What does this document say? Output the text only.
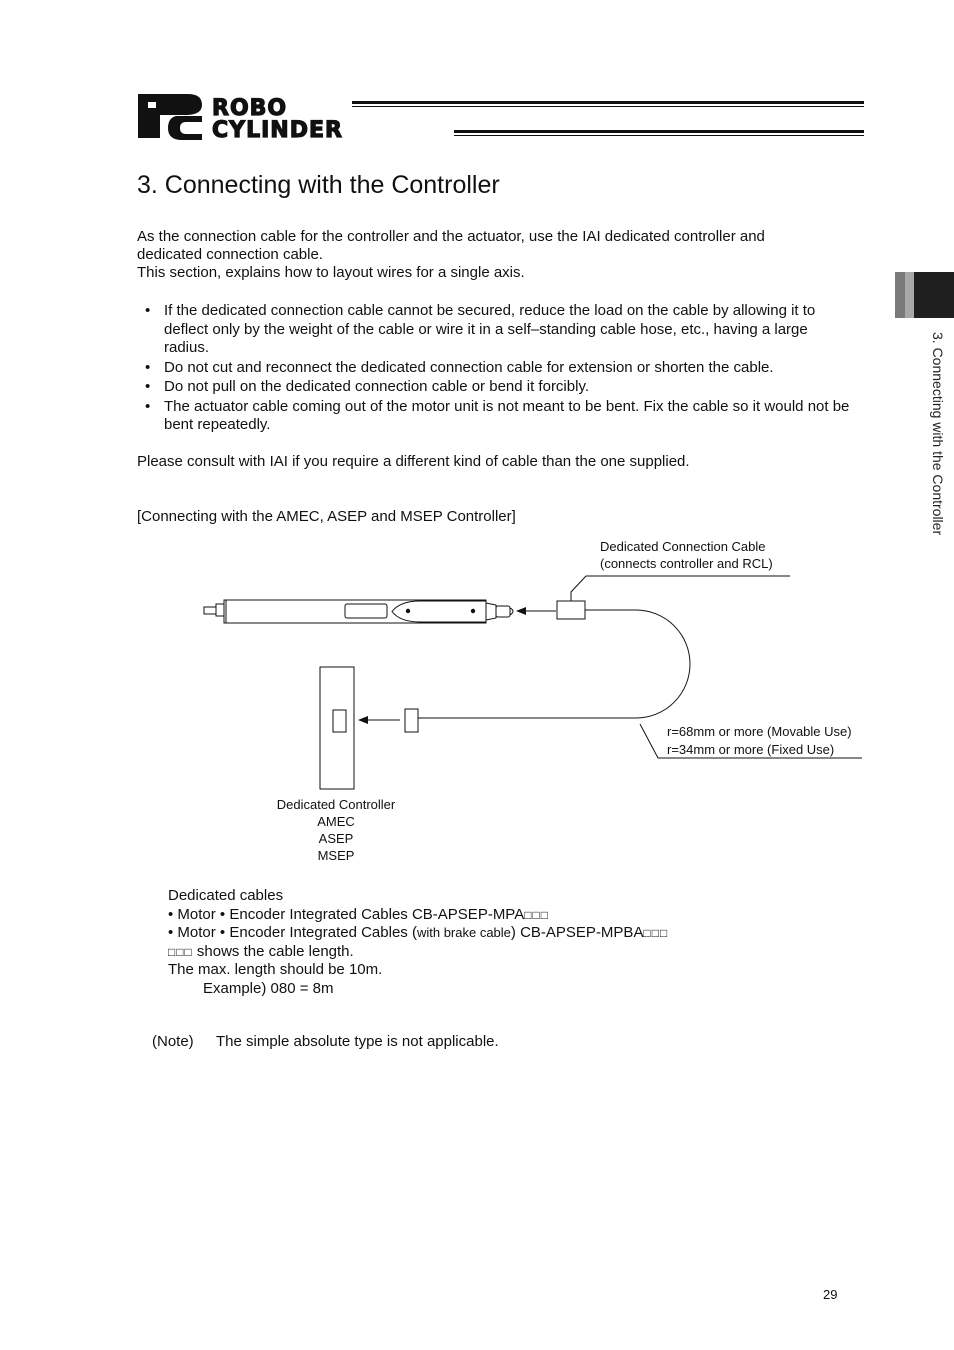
ROBO
CYLINDER
3. Connecting with the Controller
As the connection cable for the controller and the actuator, use the IAI dedicated controller and
dedicated connection cable.
This section, explains how to layout wires for a single axis.
• If the dedicated connection cable cannot be secured, reduce the load on the cable by allowing it to deflect only by the weight of the cable or wire it in a self–standing cable hose, etc., having a large radius.
• Do not cut and reconnect the dedicated connection cable for extension or shorten the cable.
• Do not pull on the dedicated connection cable or bend it forcibly.
• The actuator cable coming out of the motor unit is not meant to be bent. Fix the cable so it would not be bent repeatedly.
Please consult with IAI if you require a different kind of cable than the one supplied.
[Connecting with the AMEC, ASEP and MSEP Controller]	3. Connecting with the Controller
Dedicated Connection Cable
(connects controller and RCL)
r=68mm or more (Movable Use)
r=34mm or more (Fixed Use)
Dedicated Controller
AMEC
ASEP
MSEP
Dedicated cables
• Motor • Encoder Integrated Cables CB-APSEP-MPA□□□
• Motor • Encoder Integrated Cables (with brake cable) CB-APSEP-MPBA□□□
□□□ shows the cable length.
The max. length should be 10m.
Example) 080 = 8m
(Note) The simple absolute type is not applicable.
29
